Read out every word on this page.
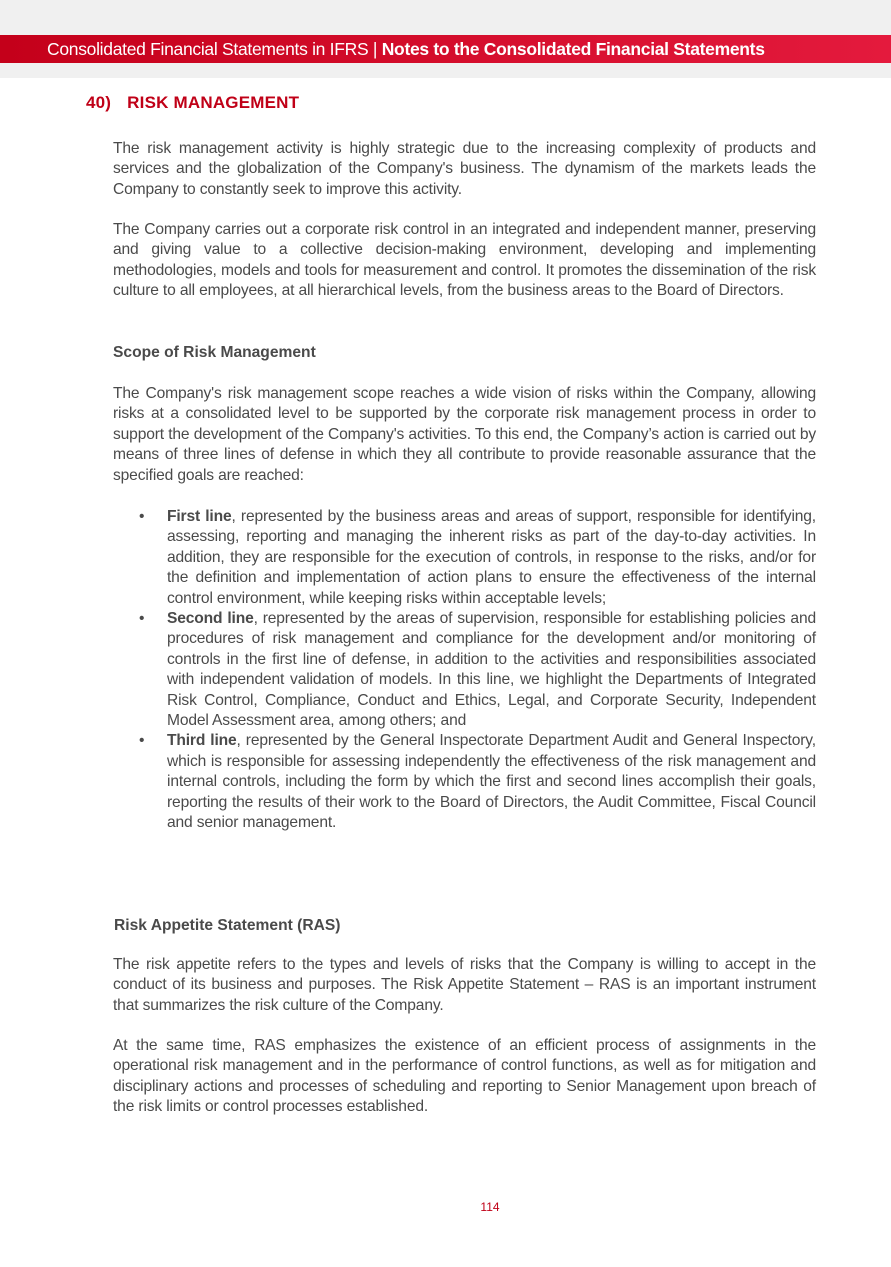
Consolidated Financial Statements in IFRS | Notes to the Consolidated Financial Statements
40) RISK MANAGEMENT
The risk management activity is highly strategic due to the increasing complexity of products and services and the globalization of the Company's business. The dynamism of the markets leads the Company to constantly seek to improve this activity.
The Company carries out a corporate risk control in an integrated and independent manner, preserving and giving value to a collective decision-making environment, developing and implementing methodologies, models and tools for measurement and control. It promotes the dissemination of the risk culture to all employees, at all hierarchical levels, from the business areas to the Board of Directors.
Scope of Risk Management
The Company's risk management scope reaches a wide vision of risks within the Company, allowing risks at a consolidated level to be supported by the corporate risk management process in order to support the development of the Company's activities. To this end, the Company’s action is carried out by means of three lines of defense in which they all contribute to provide reasonable assurance that the specified goals are reached:
• First line, represented by the business areas and areas of support, responsible for identifying, assessing, reporting and managing the inherent risks as part of the day-to-day activities. In addition, they are responsible for the execution of controls, in response to the risks, and/or for the definition and implementation of action plans to ensure the effectiveness of the internal control environment, while keeping risks within acceptable levels;
• Second line, represented by the areas of supervision, responsible for establishing policies and procedures of risk management and compliance for the development and/or monitoring of controls in the first line of defense, in addition to the activities and responsibilities associated with independent validation of models. In this line, we highlight the Departments of Integrated Risk Control, Compliance, Conduct and Ethics, Legal, and Corporate Security, Independent Model Assessment area, among others; and
• Third line, represented by the General Inspectorate Department Audit and General Inspectory, which is responsible for assessing independently the effectiveness of the risk management and internal controls, including the form by which the first and second lines accomplish their goals, reporting the results of their work to the Board of Directors, the Audit Committee, Fiscal Council and senior management.
Risk Appetite Statement (RAS)
The risk appetite refers to the types and levels of risks that the Company is willing to accept in the conduct of its business and purposes. The Risk Appetite Statement – RAS is an important instrument that summarizes the risk culture of the Company.
At the same time, RAS emphasizes the existence of an efficient process of assignments in the operational risk management and in the performance of control functions, as well as for mitigation and disciplinary actions and processes of scheduling and reporting to Senior Management upon breach of the risk limits or control processes established.
114
